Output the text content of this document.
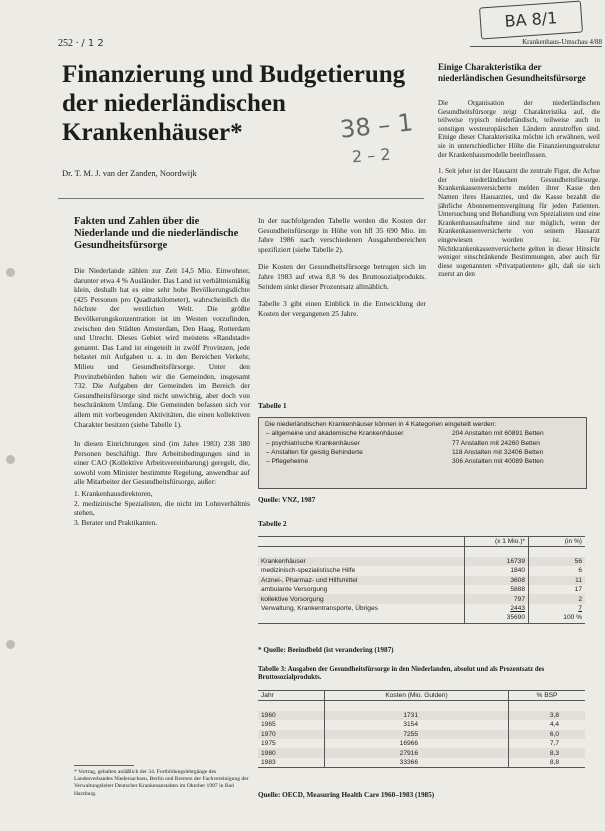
252 · / 1 2
BA 8/1
Krankenhaus-Umschau 4/88
Finanzierung und Budgetierung der niederländischen Krankenhäuser*	38 – 1
2 – 2
Dr. T. M. J. van der Zanden, Noordwijk
Fakten und Zahlen über die Niederlande und die niederländische Gesundheitsfürsorge

Die Niederlande zählen zur Zeit 14,5 Mio. Einwohner, darunter etwa 4 % Ausländer. Das Land ist verhältnismäßig klein, deshalb hat es eine sehr hohe Bevölkerungsdichte (425 Personen pro Quadratkilometer), wahrscheinlich die höchste der westlichen Welt. Die größte Bevölkerungskonzentration ist im Westen vorzufinden, zwischen den Städten Amsterdam, Den Haag, Rotterdam und Utrecht. Dieses Gebiet wird meistens »Randstadt« genannt. Das Land ist eingeteilt in zwölf Provinzen, jede belastet mit Aufgaben u. a. in den Bereichen Verkehr, Milieu und Gesundheitsfürsorge. Unter den Provinzbehörden haben wir die Gemeinden, insgesamt 732. Die Aufgaben der Gemeinden im Bereich der Gesundheitsfürsorge sind nicht unwichtig, aber doch von beschränktem Umfang. Die Gemeinden befassen sich vor allem mit vorbeugenden Aktivitäten, die einen kollektiven Charakter besitzen (siehe Tabelle 1).

In diesen Einrichtungen sind (im Jahre 1983) 238 380 Personen beschäftigt. Ihre Arbeitsbedingungen sind in einer CAO (Kollektive Arbeitsvereinbarung) geregelt, die, sowohl vom Minister bestimmte Regelung, anwendbar auf alle Mitarbeiter der Gesundheitsfürsorge, außer:

1. Krankenhausdirektoren,
2. medizinische Spezialisten, die nicht im Lohnverhältnis stehen,
3. Berater und Praktikanten.
* Vortrag, gehalten anläßlich der 34. Fortbildungslehrgänge des Landesverbandes Niedersachsen, Berlin und Bremen der Fachvereinigung der Verwaltungsleiter Deutscher Krankenanstalten im Oktober 1987 in Bad Harzburg.

In der nachfolgenden Tabelle werden die Kosten der Gesundheitsfürsorge in Höhe von hfl 35 690 Mio. im Jahre 1986 nach verschiedenen Ausgabenbereichen spezifiziert (siehe Tabelle 2).

Die Kosten der Gesundheitsfürsorge betrugen sich im Jahre 1983 auf etwa 8,8 % des Bruttosozialprodukts. Seitdem sinkt dieser Prozentsatz allmählich.

Tabelle 3 gibt einen Einblick in die Entwicklung der Kosten der vergangenen 25 Jahre.

Einige Charakteristika der niederländischen Gesundheitsfürsorge

Die Organisation der niederländischen Gesundheitsfürsorge zeigt Charakteristika auf, die teilweise typisch niederländisch, teilweise auch in sonstigen westeuropäischen Ländern anzutreffen sind. Einige dieser Charakteristika möchte ich erwähnen, weil sie in unterschiedlicher Höhe die Finanzierungsstruktur der Krankenhausmodelle beeinflussen.

1. Seit jeher ist der Hausarzt die zentrale Figur, die Achse der niederländischen Gesundheitsfürsorge. Krankenkassenversicherte melden ihrer Kasse den Namen ihres Hausarztes, und die Kasse bezahlt die jährliche Abonnementsvergütung für jeden Patienten. Untersuchung und Behandlung von Spezialisten und eine Krankenhausaufnahme sind nur möglich, wenn der Krankenkassenversicherte von seinem Hausarzt eingewiesen worden ist. Für Nichtkrankenkassenversicherte gelten in dieser Hinsicht weniger einschränkende Bestimmungen, aber auch für diese sogenannten »Privatpatienten« gilt, daß sie sich zuerst an den

Tabelle 1
Die niederländischen Krankenhäuser können in 4 Kategorien eingeteilt werden:
– allgemeine und akademische Krankenhäuser	204 Anstalten mit 60891 Betten
– psychiatrische Krankenhäuser	77 Anstalten mit 24260 Betten
– Anstalten für geistig Behinderte	118 Anstalten mit 32406 Betten
– Pflegeheime	306 Anstalten mit 40089 Betten
Quelle: VNZ, 1987
Tabelle 2
	(x 1 Mio.)*	(in %)

Krankenhäuser	16739	56
medizinisch-spezialistische Hilfe	1840	6
Arznei-, Pharmaz- und Hilfsmittel	3608	11
ambulante Versorgung	5888	17
kollektive Vorsorgung	797	2
Verwaltung, Krankentransporte, Übriges	2443	7
	35690	100 %
* Quelle: Beeindbeld (ist verandering (1987)
Tabelle 3: Ausgaben der Gesundheitsfürsorge in den Niederlanden, absolut und als Prozentsatz des Bruttosozialprodukts.
Jahr	Kosten (Mio. Gulden)	% BSP

1960	1731	3,8
1965	3154	4,4
1970	7255	6,0
1975	16966	7,7
1980	27916	8,3
1983	33366	8,8
Quelle: OECD, Measuring Health Care 1960–1983 (1985)
